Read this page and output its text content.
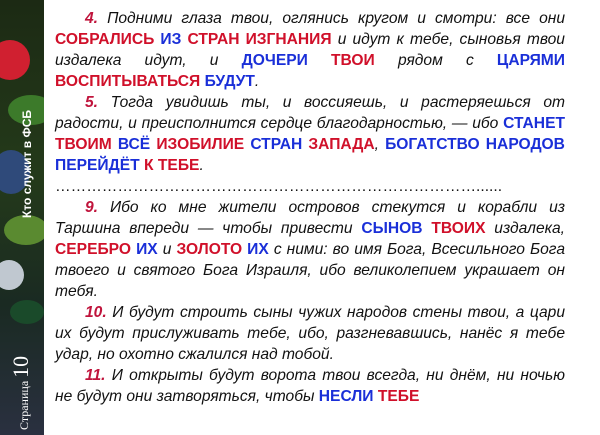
Кто служит в ФСБ
Страница 10

4. Подними глаза твои, оглянись кругом и смотри: все они СОБРАЛИСЬ ИЗ СТРАН ИЗГНАНИЯ и идут к тебе, сыновья твои издалека идут, и ДОЧЕРИ ТВОИ рядом с ЦАРЯМИ ВОСПИТЫВАТЬСЯ БУДУТ.

5. Тогда увидишь ты, и воссияешь, и растеряешься от радости, и преисполнится сердце благодарностью, — ибо СТАНЕТ ТВОИМ ВСЁ ИЗОБИЛИЕ СТРАН ЗАПАДА, БОГАТСТВО НАРОДОВ ПЕРЕЙДЁТ К ТЕБЕ.

………………………………………………………………………......

9. Ибо ко мне жители островов стекутся и корабли из Таршина впереди — чтобы привести СЫНОВ ТВОИХ издалека, СЕРЕБРО ИХ и ЗОЛОТО ИХ с ними: во имя Бога, Всесильного Бога твоего и святого Бога Израиля, ибо великолепием украшает он тебя.

10. И будут строить сыны чужих народов стены твои, а цари их будут прислуживать тебе, ибо, разгневавшись, нанёс я тебе удар, но охотно сжалился над тобой.

11. И открыты будут ворота твои всегда, ни днём, ни ночью не будут они затворяться, чтобы НЕСЛИ ТЕБЕ
